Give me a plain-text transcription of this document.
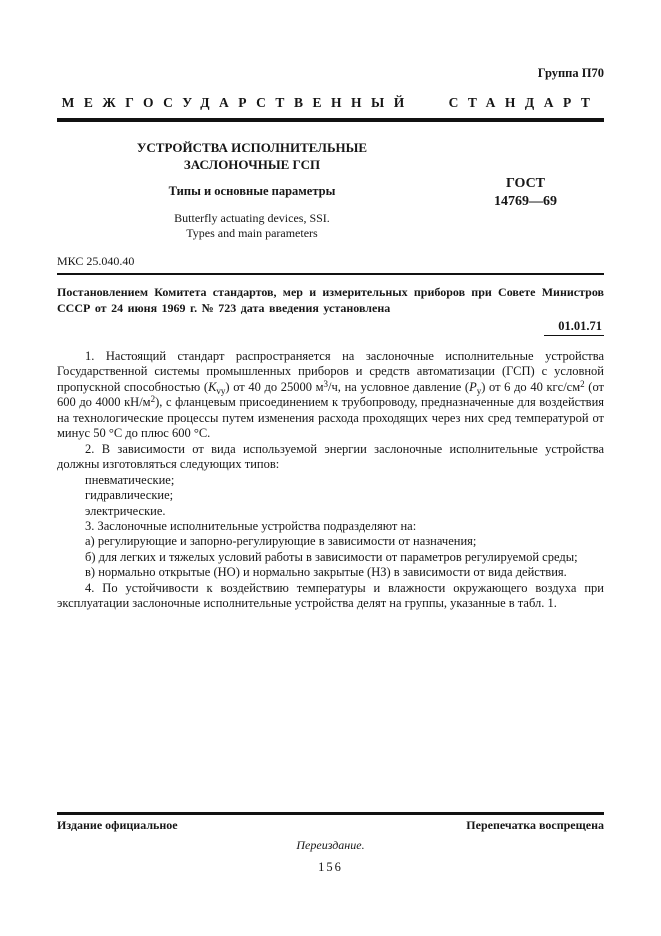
Группа П70
МЕЖГОСУДАРСТВЕННЫЙ СТАНДАРТ
УСТРОЙСТВА ИСПОЛНИТЕЛЬНЫЕ
ЗАСЛОНОЧНЫЕ ГСП
Типы и основные параметры
Butterfly actuating devices, SSI.
Types and main parameters
ГОСТ
14769—69
МКС 25.040.40

Постановлением Комитета стандартов, мер и измерительных приборов при Совете Министров СССР от 24 июня 1969 г. № 723 дата введения установлена

01.01.71

1. Настоящий стандарт распространяется на заслоночные исполнительные устройства Государственной системы промышленных приборов и средств автоматизации (ГСП) с условной пропускной способностью $(К_{vy})$ от 40 до 25000 $м^3/ч$, на условное давление $(Р_у)$ от 6 до 40 кгс/$см^2$ (от 600 до 4000 $кН/м^2$), с фланцевым присоединением к трубопроводу, предназначенные для воздействия на технологические процессы путем изменения расхода проходящих через них сред температурой от минус 50 °С до плюс 600 °С.

2. В зависимости от вида используемой энергии заслоночные исполнительные устройства должны изготовляться следующих типов:

пневматические;

гидравлические;

электрические.

3. Заслоночные исполнительные устройства подразделяют на:

а) регулирующие и запорно-регулирующие в зависимости от назначения;

б) для легких и тяжелых условий работы в зависимости от параметров регулируемой среды;

в) нормально открытые (НО) и нормально закрытые (НЗ) в зависимости от вида действия.

4. По устойчивости к воздействию температуры и влажности окружающего воздуха при эксплуатации заслоночные исполнительные устройства делят на группы, указанные в табл. 1.

Издание официальное	Перепечатка воспрещена
Переиздание.
156
